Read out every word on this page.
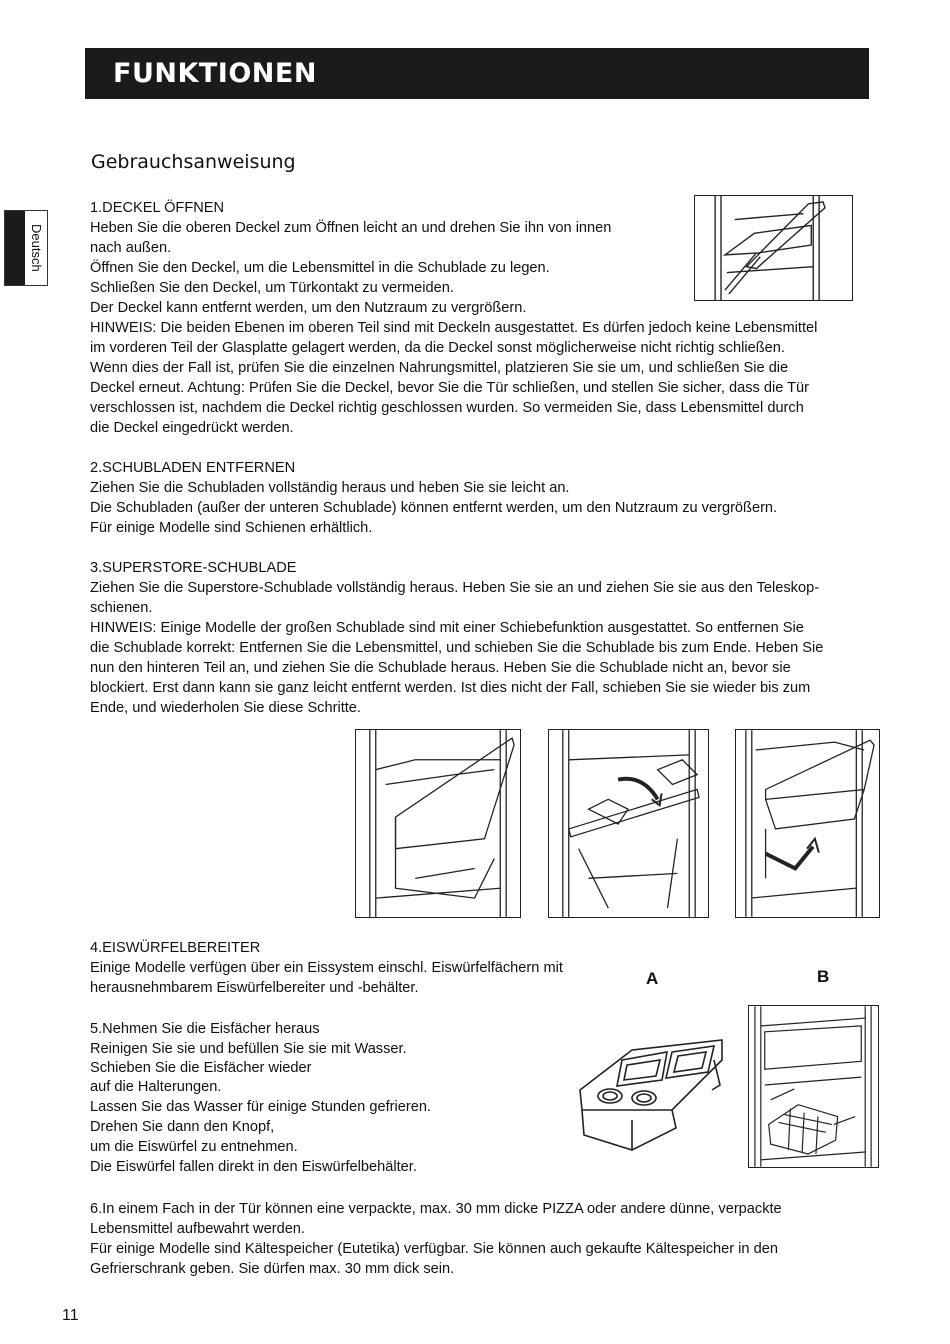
FUNKTIONEN
Deutsch
Gebrauchsanweisung

1.DECKEL ÖFFNEN

Heben Sie die oberen Deckel zum Öffnen leicht an und drehen Sie ihn von innen

nach außen.

Öffnen Sie den Deckel, um die Lebensmittel in die Schublade zu legen.

Schließen Sie den Deckel, um Türkontakt zu vermeiden.

Der Deckel kann entfernt werden, um den Nutzraum zu vergrößern.

HINWEIS: Die beiden Ebenen im oberen Teil sind mit Deckeln ausgestattet. Es dürfen jedoch keine Lebensmittel

im vorderen Teil der Glasplatte gelagert werden, da die Deckel sonst möglicherweise nicht richtig schließen.

Wenn dies der Fall ist, prüfen Sie die einzelnen Nahrungsmittel, platzieren Sie sie um, und schließen Sie die

Deckel erneut. Achtung: Prüfen Sie die Deckel, bevor Sie die Tür schließen, und stellen Sie sicher, dass die Tür

verschlossen ist, nachdem die Deckel richtig geschlossen wurden. So vermeiden Sie, dass Lebensmittel durch

die Deckel eingedrückt werden.

2.SCHUBLADEN ENTFERNEN

Ziehen Sie die Schubladen vollständig heraus und heben Sie sie leicht an.

Die Schubladen (außer der unteren Schublade) können entfernt werden, um den Nutzraum zu vergrößern.

Für einige Modelle sind Schienen erhältlich.

3.SUPERSTORE-SCHUBLADE

Ziehen Sie die Superstore-Schublade vollständig heraus. Heben Sie sie an und ziehen Sie sie aus den Teleskop-

schienen.

HINWEIS: Einige Modelle der großen Schublade sind mit einer Schiebefunktion ausgestattet. So entfernen Sie

die Schublade korrekt: Entfernen Sie die Lebensmittel, und schieben Sie die Schublade bis zum Ende. Heben Sie

nun den hinteren Teil an, und ziehen Sie die Schublade heraus. Heben Sie die Schublade nicht an, bevor sie

blockiert. Erst dann kann sie ganz leicht entfernt werden. Ist dies nicht der Fall, schieben Sie sie wieder bis zum

Ende, und wiederholen Sie diese Schritte.

4.EISWÜRFELBEREITER

Einige Modelle verfügen über ein Eissystem einschl. Eiswürfelfächern mit

herausnehmbarem Eiswürfelbereiter und -behälter.

5.Nehmen Sie die Eisfächer heraus

Reinigen Sie sie und befüllen Sie sie mit Wasser.

Schieben Sie die Eisfächer wieder

auf die Halterungen.

Lassen Sie das Wasser für einige Stunden gefrieren.

Drehen Sie dann den Knopf,

um die Eiswürfel zu entnehmen.

Die Eiswürfel fallen direkt in den Eiswürfelbehälter.

A	B

6.In einem Fach in der Tür können eine verpackte, max. 30 mm dicke PIZZA oder andere dünne, verpackte

Lebensmittel aufbewahrt werden.

Für einige Modelle sind Kältespeicher (Eutetika) verfügbar. Sie können auch gekaufte Kältespeicher in den

Gefrierschrank geben. Sie dürfen max. 30 mm dick sein.

11
